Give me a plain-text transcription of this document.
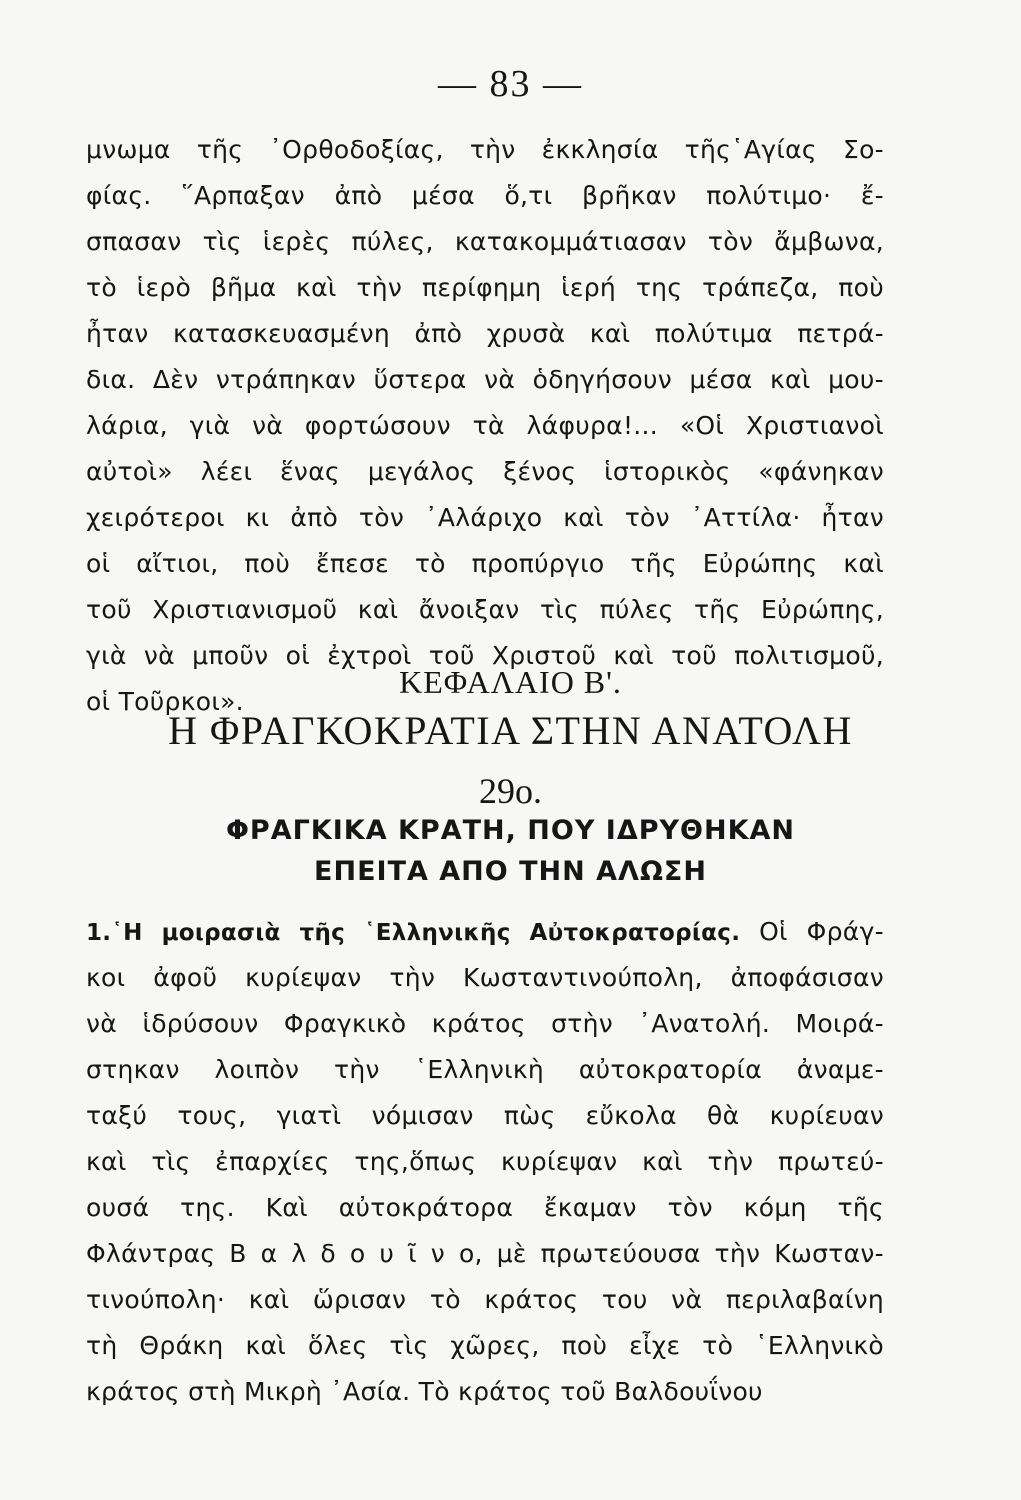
— 83 —
μνωμα τῆς ᾿Ορθοδοξίας, τὴν ἐκκλησία τῆς῾Αγίας Σο-
φίας. ῞Αρπαξαν ἀπὸ μέσα ὅ,τι βρῆκαν πολύτιμο· ἔ-
σπασαν τὶς ἱερὲς πύλες, κατακομμάτιασαν τὸν ἄμβωνα,
τὸ ἱερὸ βῆμα καὶ τὴν περίφημη ἱερή της τράπεζα, ποὺ
ἦταν κατασκευασμένη ἀπὸ χρυσὰ καὶ πολύτιμα πετρά-
δια. Δὲν ντράπηκαν ὕστερα νὰ ὁδηγήσουν μέσα καὶ μου-
λάρια, γιὰ νὰ φορτώσουν τὰ λάφυρα!... «Οἱ Χριστιανοὶ
αὐτοὶ» λέει ἕνας μεγάλος ξένος ἱστορικὸς «φάνηκαν
χειρότεροι κι ἀπὸ τὸν ᾿Αλάριχο καὶ τὸν ᾿Αττίλα· ἦταν
οἱ αἴτιοι, ποὺ ἔπεσε τὸ προπύργιο τῆς Εὐρώπης καὶ
τοῦ Χριστιανισμοῦ καὶ ἄνοιξαν τὶς πύλες τῆς Εὐρώπης,
γιὰ νὰ μποῦν οἱ ἐχτροὶ τοῦ Χριστοῦ καὶ τοῦ πολιτισμοῦ,
οἱ Τοῦρκοι».
ΚΕΦΑΛΑΙΟ Β'.
Η ΦΡΑΓΚΟΚΡΑΤΙΑ ΣΤΗΝ ΑΝΑΤΟΛΗ
29ο.
ΦΡΑΓΚΙΚΑ ΚΡΑΤΗ, ΠΟΥ ΙΔΡΥΘΗΚΑΝ
ΕΠΕΙΤΑ ΑΠΟ ΤΗΝ ΑΛΩΣΗ
1.῾Η μοιρασιὰ τῆς ῾Ελληνικῆς Αὐτοκρατορίας. Οἱ Φράγ-
κοι ἀφοῦ κυρίεψαν τὴν Κωσταντινούπολη, ἀποφάσισαν
νὰ ἱδρύσουν Φραγκικὸ κράτος στὴν ᾿Ανατολή. Μοιρά-
στηκαν λοιπὸν τὴν ῾Ελληνικὴ αὐτοκρατορία ἀναμε-
ταξύ τους, γιατὶ νόμισαν πὼς εὔκολα θὰ κυρίευαν
καὶ τὶς ἐπαρχίες της,ὅπως κυρίεψαν καὶ τὴν πρωτεύ-
ουσά της. Καὶ αὐτοκράτορα ἔκαμαν τὸν κόμη τῆς
Φλάντρας Β α λ δ ο υ ῖ ν ο, μὲ πρωτεύουσα τὴν Κωσταν-
τινούπολη· καὶ ὥρισαν τὸ κράτος του νὰ περιλαβαίνη
τὴ Θράκη καὶ ὅλες τὶς χῶρες, ποὺ εἶχε τὸ ῾Ελληνικὸ
κράτος στὴ Μικρὴ ᾿Ασία. Τὸ κράτος τοῦ Βαλδουΐνου
